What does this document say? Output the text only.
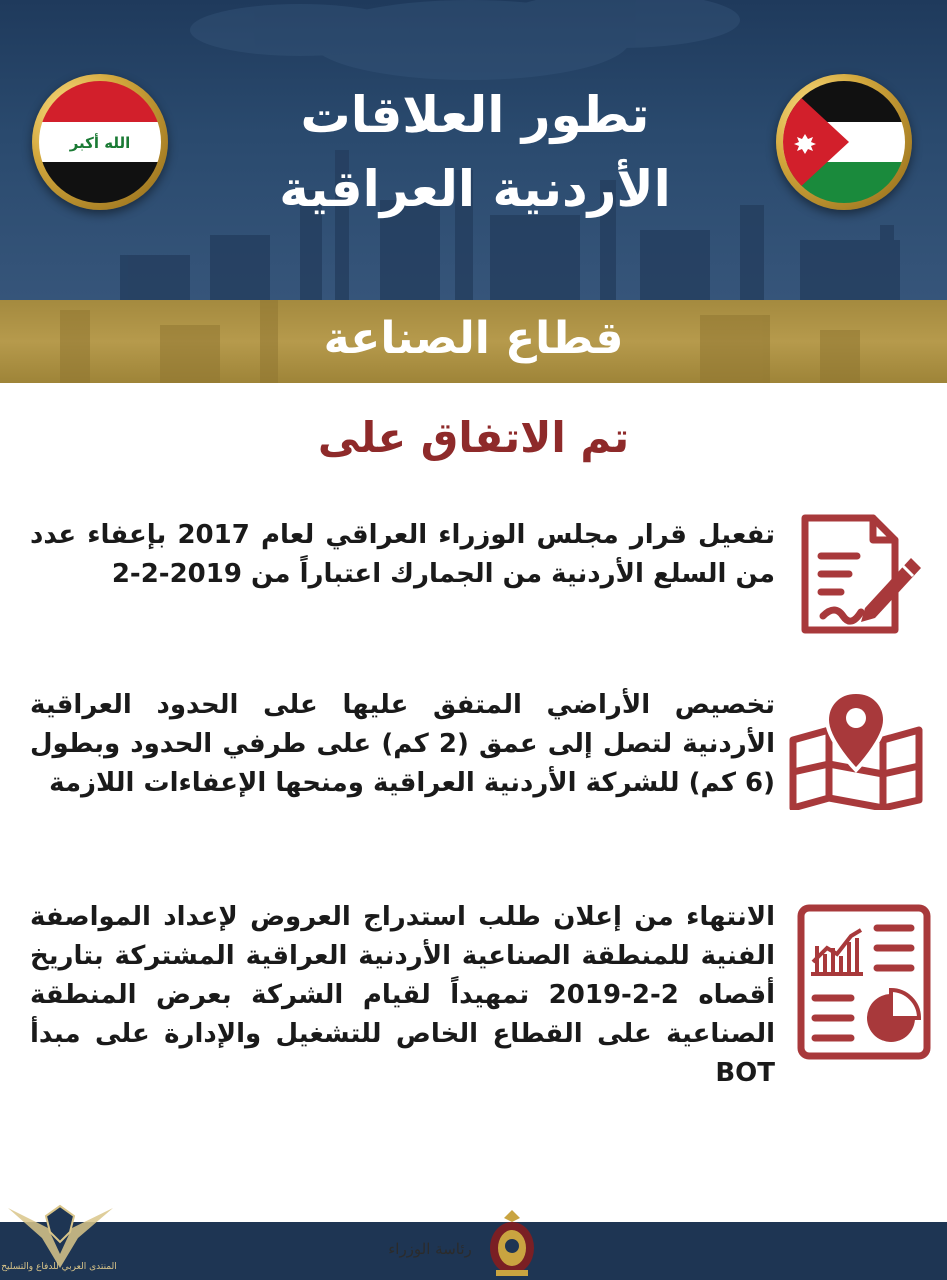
تطور العلاقات
الأردنية العراقية
الله أكبر
قطاع الصناعة
تم الاتفاق على
تفعيل قرار مجلس الوزراء العراقي لعام 2017 بإعفاء عدد من السلع الأردنية من الجمارك اعتباراً من 2019-2-2
تخصيص الأراضي المتفق عليها على الحدود العراقية الأردنية لتصل إلى عمق (2 كم) على طرفي الحدود وبطول (6 كم) للشركة الأردنية العراقية ومنحها الإعفاءات اللازمة
الانتهاء من إعلان طلب استدراج العروض لإعداد المواصفة الفنية للمنطقة الصناعية الأردنية العراقية المشتركة بتاريخ أقصاه 2-2-2019 تمهيداً لقيام الشركة بعرض المنطقة الصناعية على القطاع الخاص للتشغيل والإدارة على مبدأ BOT
رئاسة الوزراء
المنتدى العربي للدفاع والتسليح
